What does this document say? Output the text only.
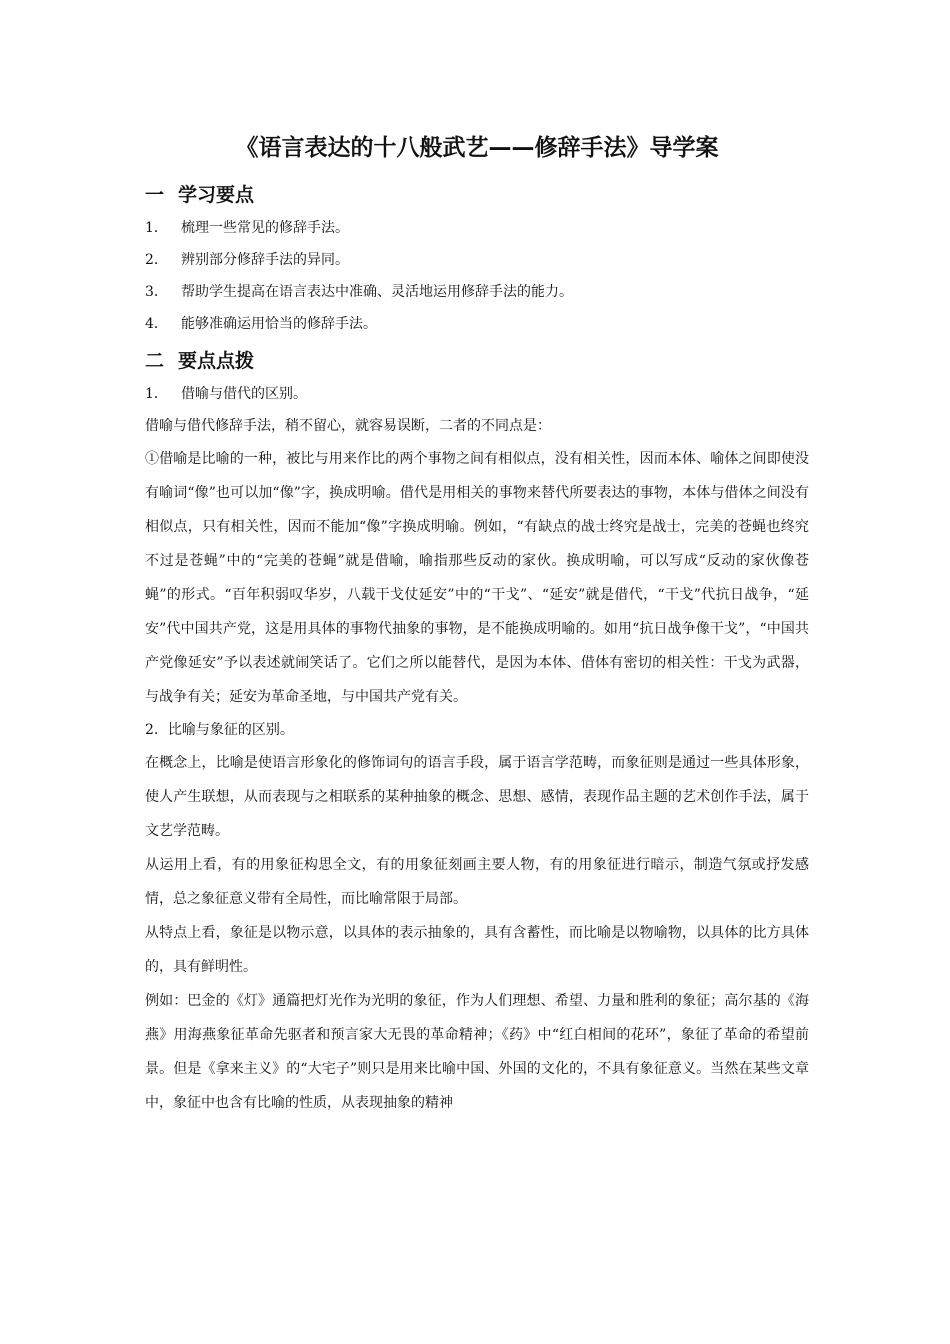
《语言表达的十八般武艺——修辞手法》导学案
一 学习要点
1． 梳理一些常见的修辞手法。
2． 辨别部分修辞手法的异同。
3． 帮助学生提高在语言表达中准确、灵活地运用修辞手法的能力。
4． 能够准确运用恰当的修辞手法。
二 要点点拨
1． 借喻与借代的区别。

借喻与借代修辞手法，稍不留心，就容易误断，二者的不同点是：

①借喻是比喻的一种，被比与用来作比的两个事物之间有相似点，没有相关性，因而本体、喻体之间即使没有喻词“像”也可以加“像”字，换成明喻。借代是用相关的事物来替代所要表达的事物，本体与借体之间没有相似点，只有相关性，因而不能加“像”字换成明喻。例如，“有缺点的战士终究是战士，完美的苍蝇也终究不过是苍蝇”中的“完美的苍蝇”就是借喻，喻指那些反动的家伙。换成明喻，可以写成“反动的家伙像苍蝇”的形式。“百年积弱叹华岁，八载干戈仗延安”中的“干戈”、“延安”就是借代，“干戈”代抗日战争，“延安”代中国共产党，这是用具体的事物代抽象的事物，是不能换成明喻的。如用“抗日战争像干戈”，“中国共产党像延安”予以表述就闹笑话了。它们之所以能替代，是因为本体、借体有密切的相关性：干戈为武器，与战争有关；延安为革命圣地，与中国共产党有关。

2．比喻与象征的区别。

在概念上，比喻是使语言形象化的修饰词句的语言手段，属于语言学范畴，而象征则是通过一些具体形象，使人产生联想，从而表现与之相联系的某种抽象的概念、思想、感情，表现作品主题的艺术创作手法，属于文艺学范畴。

从运用上看，有的用象征构思全文，有的用象征刻画主要人物，有的用象征进行暗示，制造气氛或抒发感情，总之象征意义带有全局性，而比喻常限于局部。

从特点上看，象征是以物示意，以具体的表示抽象的，具有含蓄性，而比喻是以物喻物，以具体的比方具体的，具有鲜明性。

例如：巴金的《灯》通篇把灯光作为光明的象征，作为人们理想、希望、力量和胜利的象征；高尔基的《海燕》用海燕象征革命先驱者和预言家大无畏的革命精神；《药》中“红白相间的花环”，象征了革命的希望前景。但是《拿来主义》的“大宅子”则只是用来比喻中国、外国的文化的，不具有象征意义。当然在某些文章中，象征中也含有比喻的性质，从表现抽象的精神
